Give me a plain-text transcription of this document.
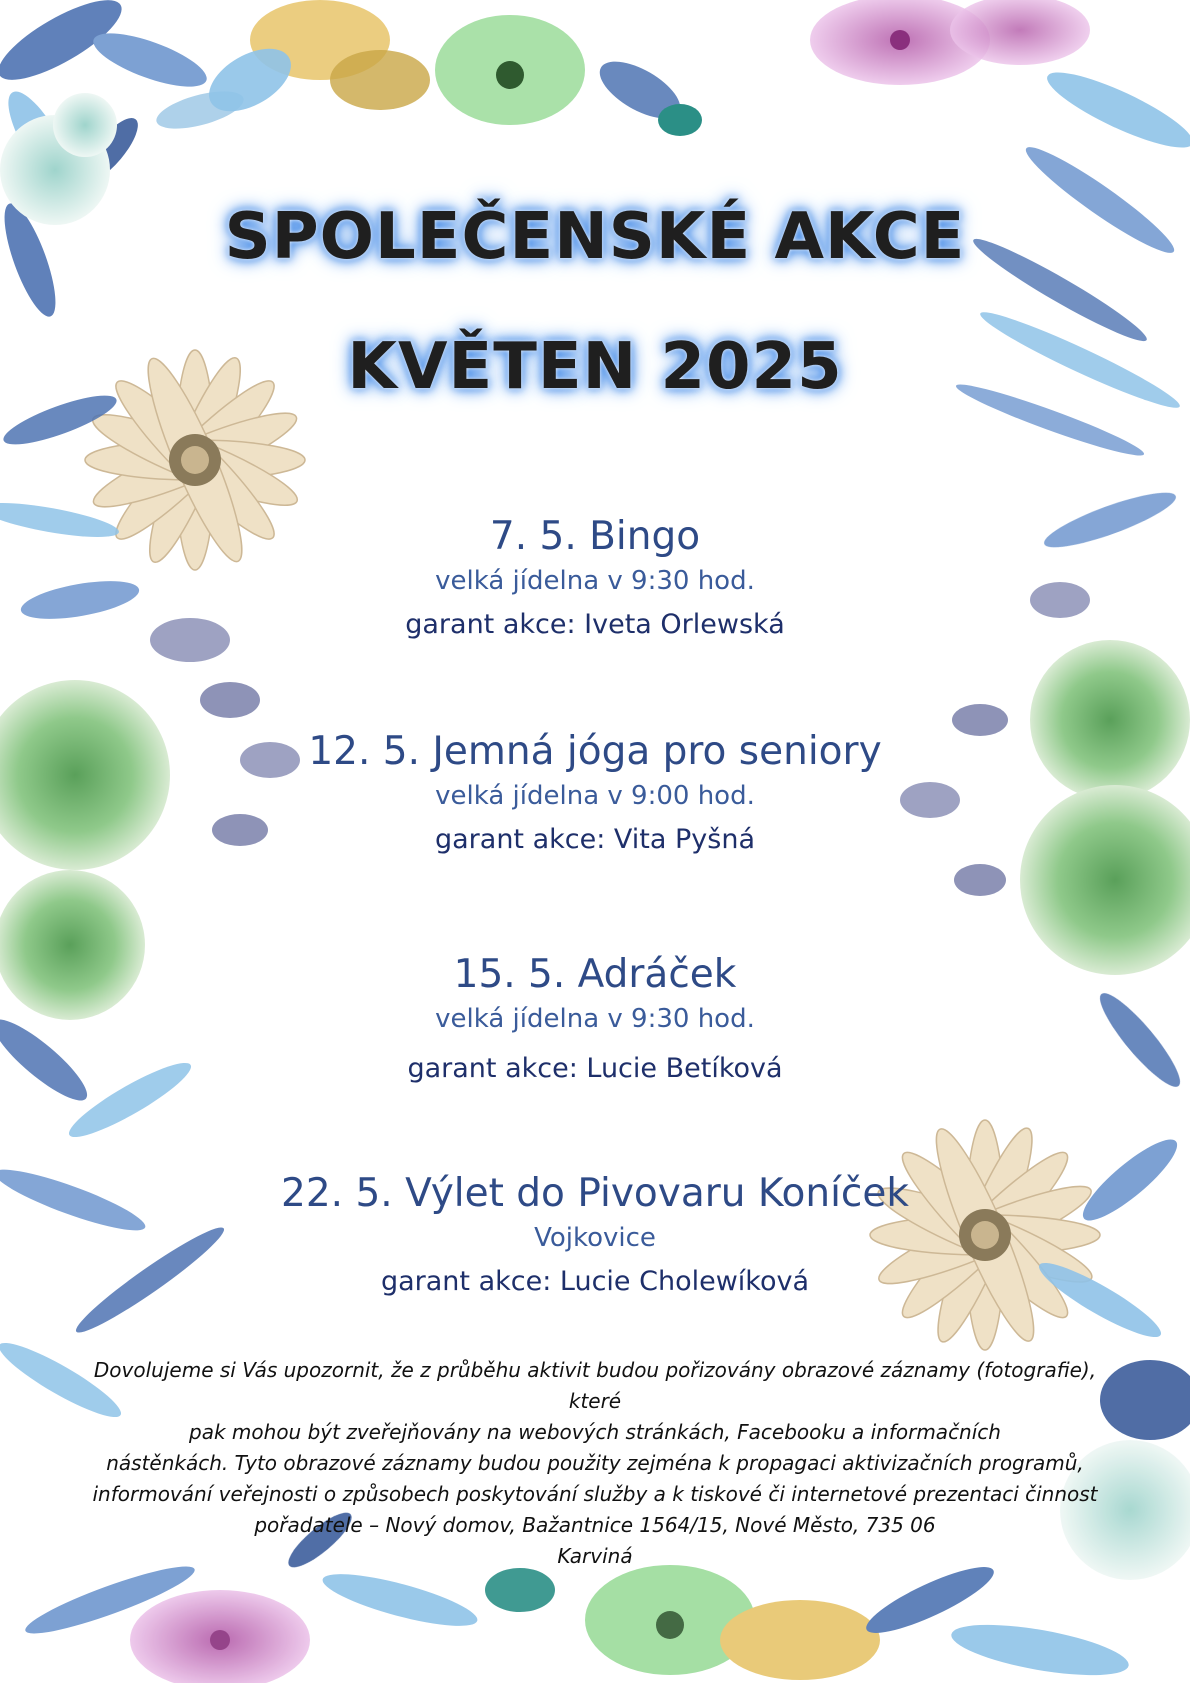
SPOLEČENSKÉ AKCE
KVĚTEN 2025
7. 5. Bingo
velká jídelna v 9:30 hod.
garant akce: Iveta Orlewská
12. 5. Jemná jóga pro seniory
velká jídelna v 9:00 hod.
garant akce: Vita Pyšná
15. 5. Adráček
velká jídelna v 9:30 hod.
garant akce: Lucie Betíková
22. 5. Výlet do Pivovaru Koníček
Vojkovice
garant akce: Lucie Cholewíková
Dovolujeme si Vás upozornit, že z průběhu aktivit budou pořizovány obrazové záznamy (fotografie), které
pak mohou být zveřejňovány na webových stránkách, Facebooku a informačních
nástěnkách. Tyto obrazové záznamy budou použity zejména k propagaci aktivizačních programů,
informování veřejnosti o způsobech poskytování služby a k tiskové či internetové prezentaci činnost
pořadatele – Nový domov, Bažantnice 1564/15, Nové Město, 735 06
Karviná
